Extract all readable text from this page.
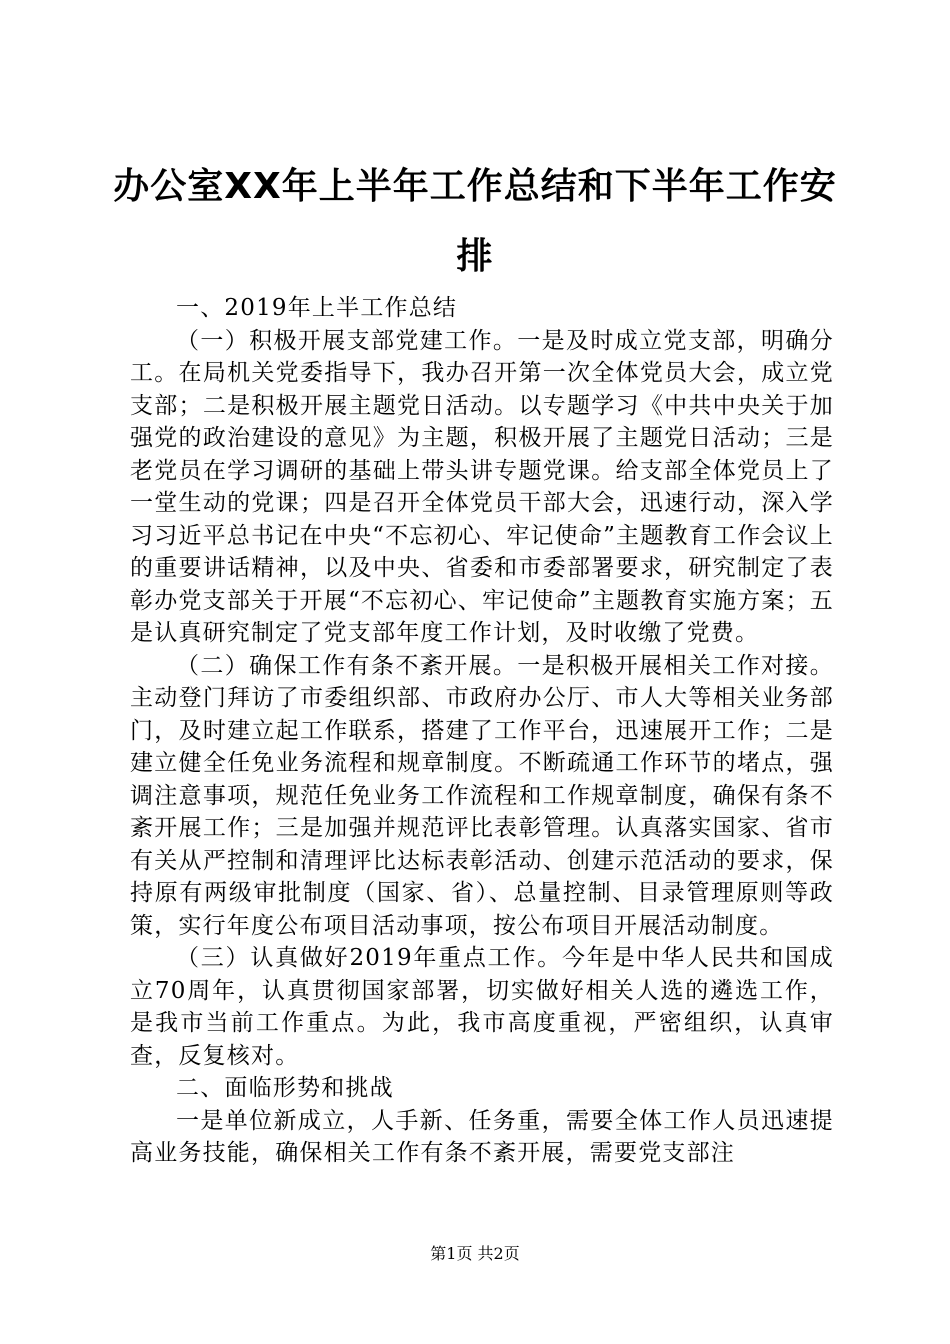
办公室XX年上半年工作总结和下半年工作安排

一、2019年上半工作总结

（一）积极开展支部党建工作。一是及时成立党支部，明确分工。在局机关党委指导下，我办召开第一次全体党员大会，成立党支部；二是积极开展主题党日活动。以专题学习《中共中央关于加强党的政治建设的意见》为主题，积极开展了主题党日活动；三是老党员在学习调研的基础上带头讲专题党课。给支部全体党员上了一堂生动的党课；四是召开全体党员干部大会，迅速行动，深入学习习近平总书记在中央“不忘初心、牢记使命”主题教育工作会议上的重要讲话精神，以及中央、省委和市委部署要求，研究制定了表彰办党支部关于开展“不忘初心、牢记使命”主题教育实施方案；五是认真研究制定了党支部年度工作计划，及时收缴了党费。

（二）确保工作有条不紊开展。一是积极开展相关工作对接。主动登门拜访了市委组织部、市政府办公厅、市人大等相关业务部门，及时建立起工作联系，搭建了工作平台，迅速展开工作；二是建立健全任免业务流程和规章制度。不断疏通工作环节的堵点，强调注意事项，规范任免业务工作流程和工作规章制度，确保有条不紊开展工作；三是加强并规范评比表彰管理。认真落实国家、省市有关从严控制和清理评比达标表彰活动、创建示范活动的要求，保持原有两级审批制度（国家、省）、总量控制、目录管理原则等政策，实行年度公布项目活动事项，按公布项目开展活动制度。

（三）认真做好2019年重点工作。今年是中华人民共和国成立70周年，认真贯彻国家部署，切实做好相关人选的遴选工作，是我市当前工作重点。为此，我市高度重视，严密组织，认真审查，反复核对。

二、面临形势和挑战

一是单位新成立，人手新、任务重，需要全体工作人员迅速提高业务技能，确保相关工作有条不紊开展，需要党支部注

第1页 共2页
